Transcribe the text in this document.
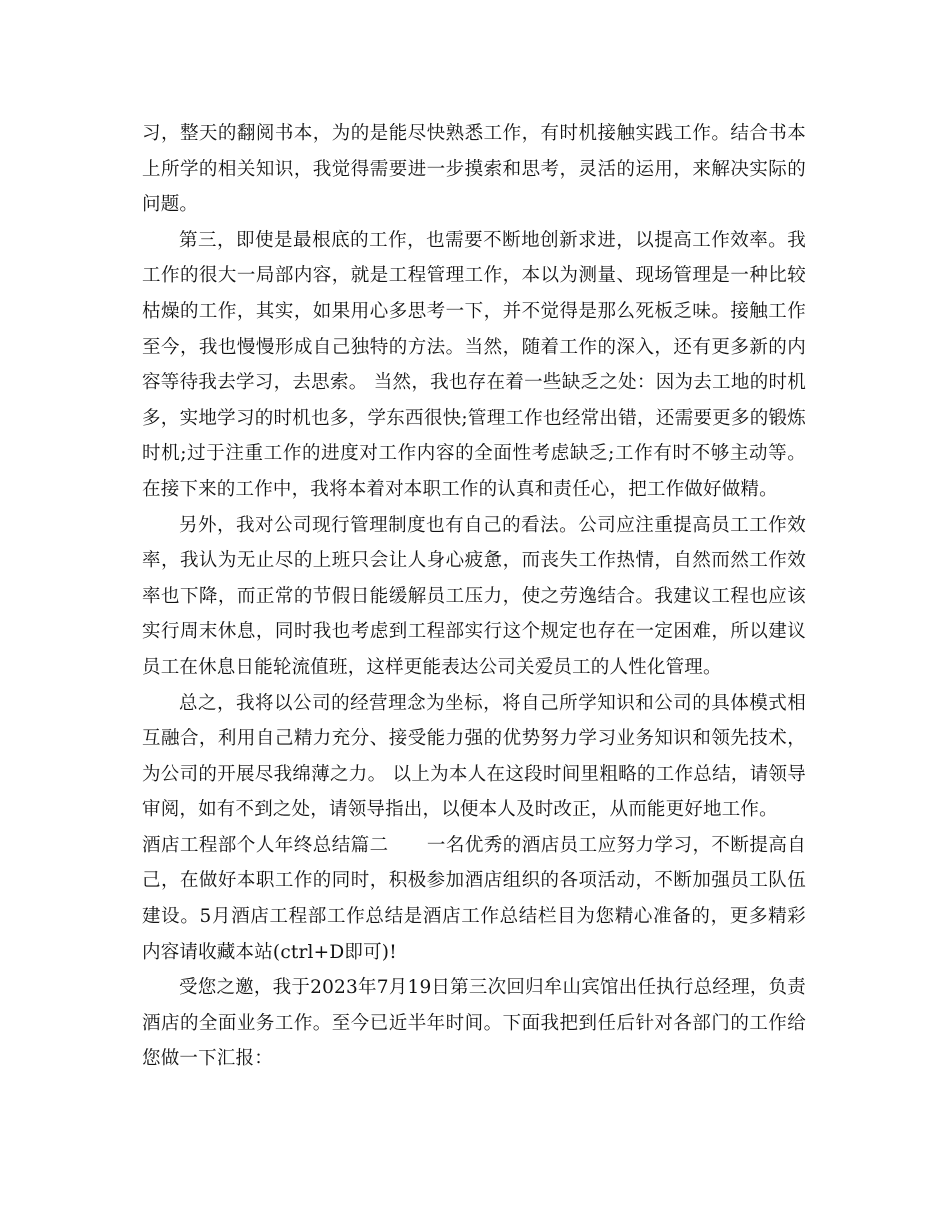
习，整天的翻阅书本，为的是能尽快熟悉工作，有时机接触实践工作。结合书本上所学的相关知识，我觉得需要进一步摸索和思考，灵活的运用，来解决实际的问题。

第三，即使是最根底的工作，也需要不断地创新求进，以提高工作效率。我工作的很大一局部内容，就是工程管理工作，本以为测量、现场管理是一种比较枯燥的工作，其实，如果用心多思考一下，并不觉得是那么死板乏味。接触工作至今，我也慢慢形成自己独特的方法。当然，随着工作的深入，还有更多新的内容等待我去学习，去思索。 当然，我也存在着一些缺乏之处：因为去工地的时机多，实地学习的时机也多，学东西很快;管理工作也经常出错，还需要更多的锻炼时机;过于注重工作的进度对工作内容的全面性考虑缺乏;工作有时不够主动等。在接下来的工作中，我将本着对本职工作的认真和责任心，把工作做好做精。

另外，我对公司现行管理制度也有自己的看法。公司应注重提高员工工作效率，我认为无止尽的上班只会让人身心疲惫，而丧失工作热情，自然而然工作效率也下降，而正常的节假日能缓解员工压力，使之劳逸结合。我建议工程也应该实行周末休息，同时我也考虑到工程部实行这个规定也存在一定困难，所以建议员工在休息日能轮流值班，这样更能表达公司关爱员工的人性化管理。

总之，我将以公司的经营理念为坐标，将自己所学知识和公司的具体模式相互融合，利用自己精力充分、接受能力强的优势努力学习业务知识和领先技术，为公司的开展尽我绵薄之力。 以上为本人在这段时间里粗略的工作总结，请领导审阅，如有不到之处，请领导指出，以便本人及时改正，从而能更好地工作。

酒店工程部个人年终总结篇二 一名优秀的酒店员工应努力学习，不断提高自己，在做好本职工作的同时，积极参加酒店组织的各项活动，不断加强员工队伍建设。5月酒店工程部工作总结是酒店工作总结栏目为您精心准备的，更多精彩内容请收藏本站(ctrl+D即可)!

受您之邀，我于2023年7月19日第三次回归牟山宾馆出任执行总经理，负责酒店的全面业务工作。至今已近半年时间。下面我把到任后针对各部门的工作给您做一下汇报：
